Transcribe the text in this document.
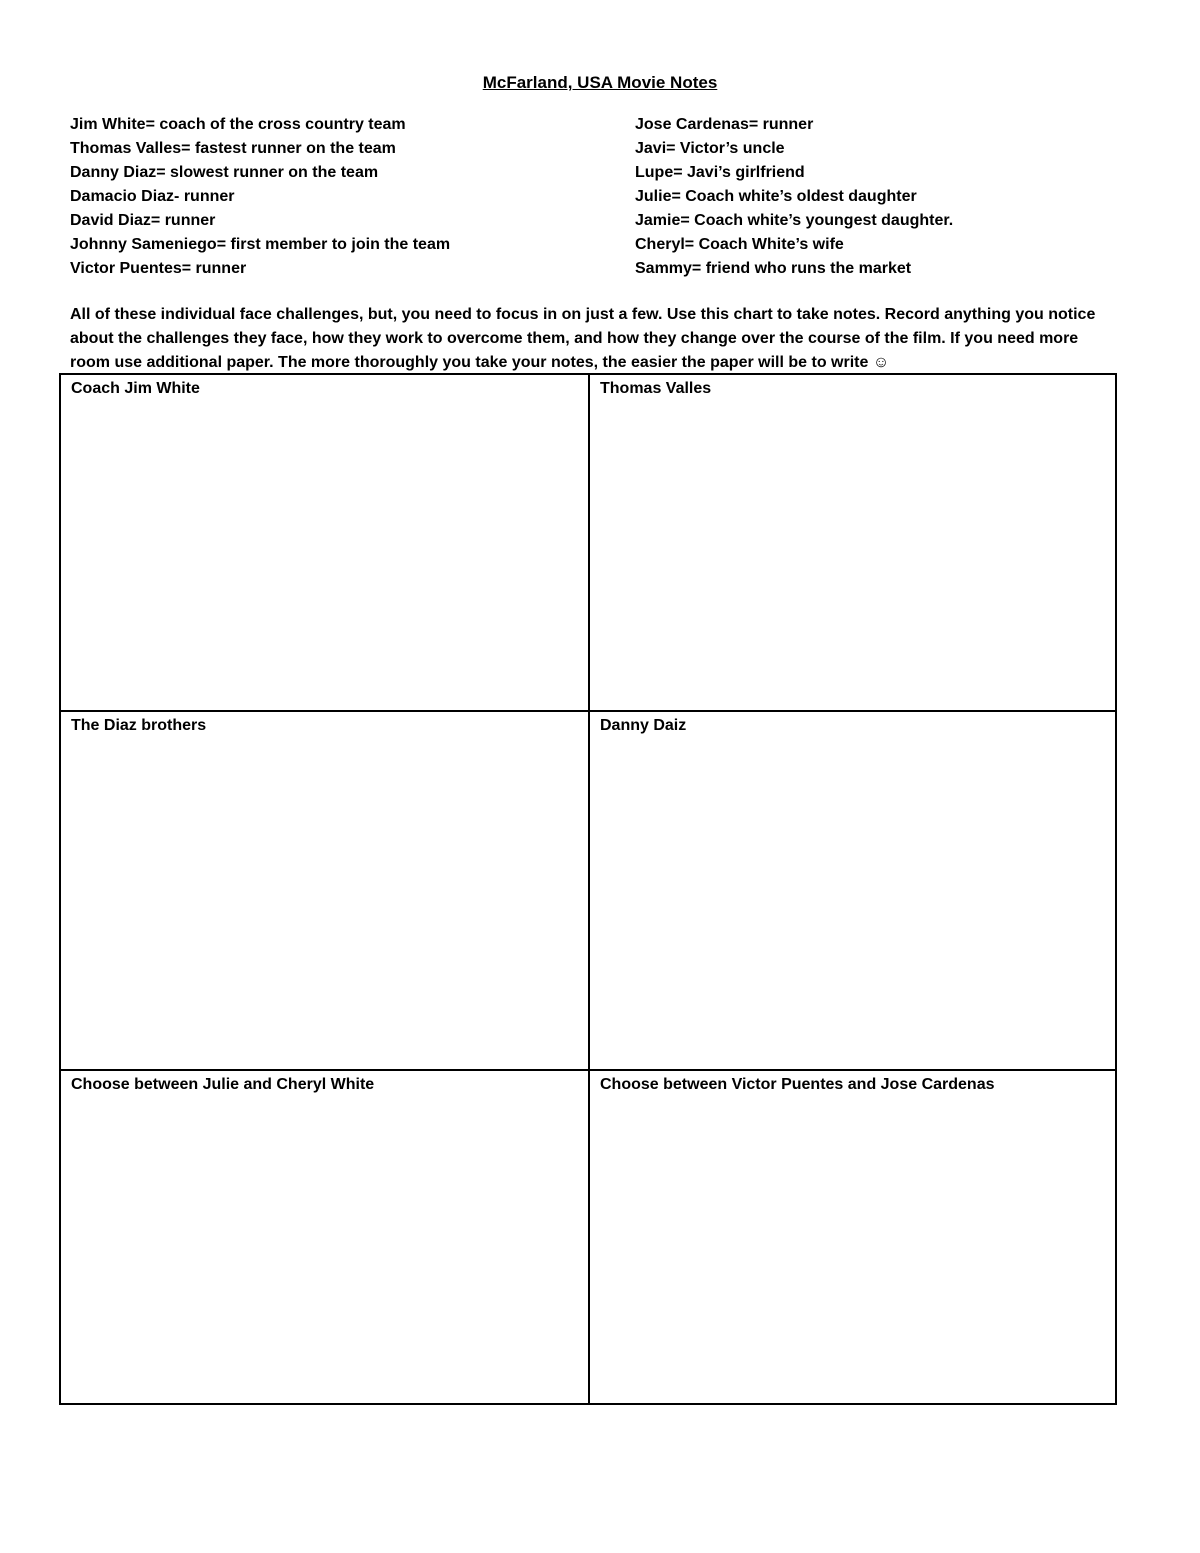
McFarland, USA Movie Notes
Jim White= coach of the cross country team
Thomas Valles= fastest runner on the team
Danny Diaz= slowest runner on the team
Damacio Diaz- runner
David Diaz= runner
Johnny Sameniego= first member to join the team
Victor Puentes= runner
Jose Cardenas= runner
Javi= Victor’s uncle
Lupe= Javi’s girlfriend
Julie= Coach white’s oldest daughter
Jamie= Coach white’s youngest daughter.
Cheryl= Coach White’s wife
Sammy= friend who runs the market
All of these individual face challenges, but, you need to focus in on just a few. Use this chart to take notes. Record anything you notice about the challenges they face, how they work to overcome them, and how they change over the course of the film. If you need more room use additional paper. The more thoroughly you take your notes, the easier the paper will be to write ☺
Coach Jim White	Thomas Valles
The Diaz brothers	Danny Daiz
Choose between Julie and Cheryl White	Choose between Victor Puentes and Jose Cardenas
